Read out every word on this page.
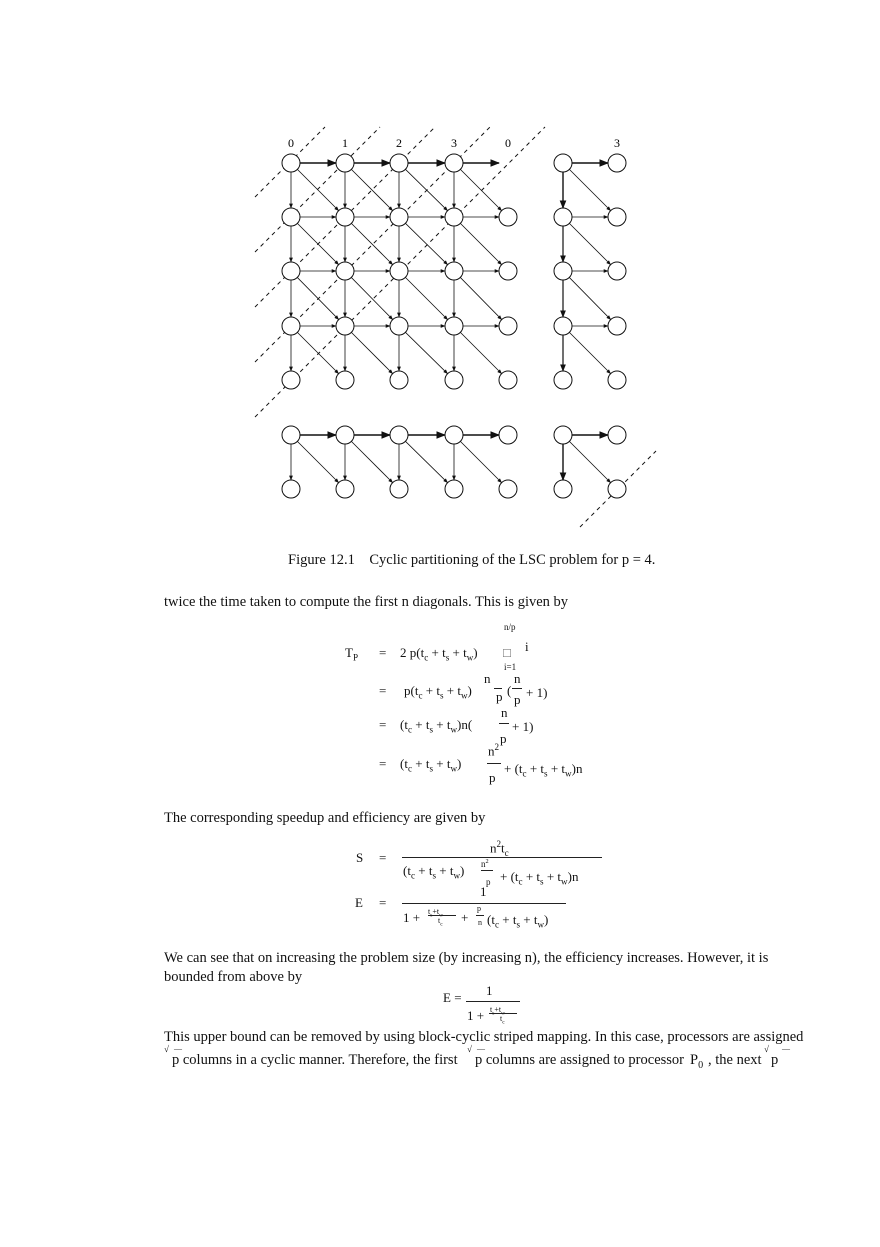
0	1	2	3	0	3
Figure 12.1    Cyclic partitioning of the LSC problem for p = 4.
twice the time taken to compute the first n diagonals. This is given by
n/p
□ i
i=1
$T_P = 2$ $p(t_c + t_s + t_w)$
= $p(t_c + t_s + t_w)$
n
p (
n
p + 1)
= $(t_c + t_s + t_w)n$(
n
p
+ 1)
= $(t_c + t_s + t_w)$
$n^2$
p
+ $(t_c + t_s + t_w)n$
The corresponding speedup and efficiency are given by
S =
$n^2t_c$
$(t_c + t_s + t_w)$ $n^2$
$p + (t_c + t_s + t_w)n$
E =
1
$1 + t_s+t_w$
$t_c$ +
p
n $(t_c + t_s + t_w)$
We can see that on increasing the problem size (by increasing n), the efficiency increases. However, it is
bounded from above by
E = 1
$1 + t_s+t_w$
$t_c$
This upper bound can be removed by using block-cyclic striped mapping. In this case, processors are assigned
√ —
p columns in a cyclic manner. Therefore, the first
√ —
p columns are assigned to processor $P_0$ , the next
√ —
p
